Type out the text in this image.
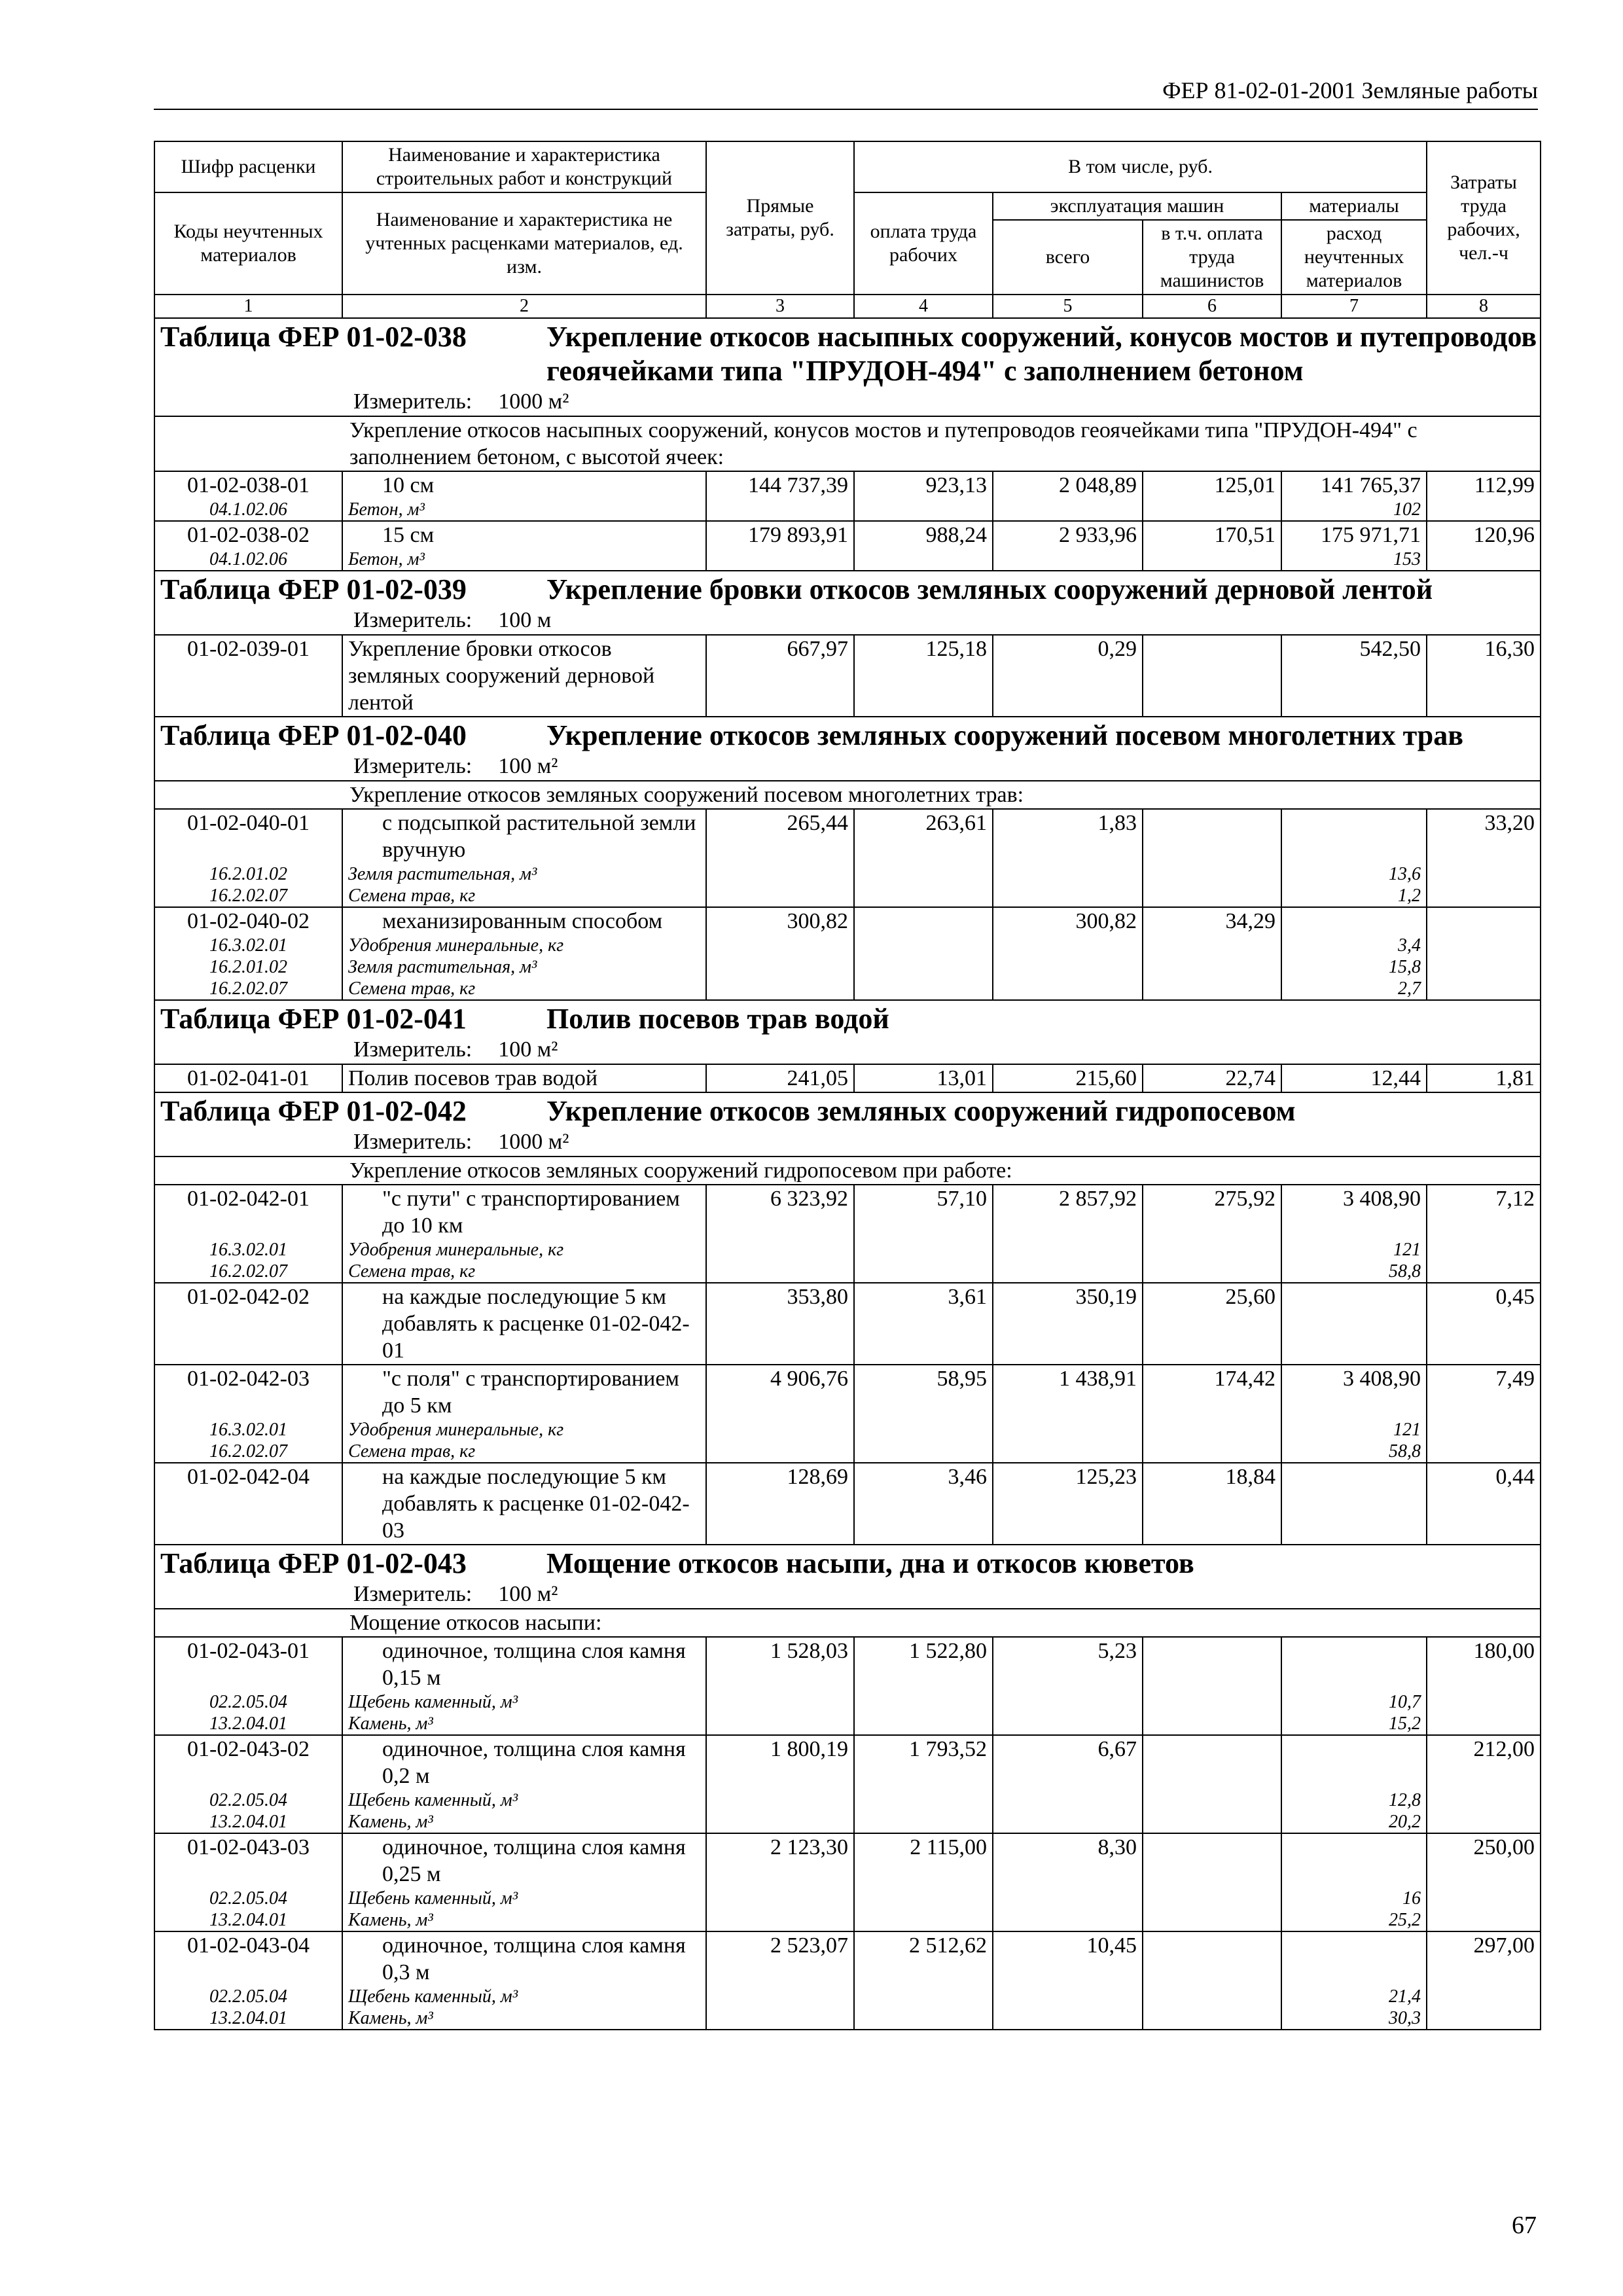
ФЕР 81-02-01-2001 Земляные работы
Шифр расценки	Наименование и характеристика строительных работ и конструкций	Прямые затраты, руб.	В том числе, руб.				Затраты труда рабочих, чел.-ч
Коды неучтенных материалов	Наименование и характеристика не учтенных расценками материалов, ед. изм.		оплата труда рабочих	эксплуатация машин		материалы	
				всего	в т.ч. оплата труда машинистов	расход неучтенных материалов	
1	2	3	4	5	6	7	8

Таблица ФЕР 01-02-038 Укрепление откосов насыпных сооружений, конусов мостов и путепроводов геоячейками типа "ПРУДОН-494" с заполнением бетоном
Измеритель: 1000 м²							

Укрепление откосов насыпных сооружений, конусов мостов и путепроводов геоячейками типа "ПРУДОН-494" с заполнением бетоном, с высотой ячеек:							
01-02-038-01	10 см	144 737,39	923,13	2 048,89	125,01	141 765,37	112,99
04.1.02.06	Бетон, м³					102	
01-02-038-02	15 см	179 893,91	988,24	2 933,96	170,51	175 971,71	120,96
04.1.02.06	Бетон, м³					153	

Таблица ФЕР 01-02-039 Укрепление бровки откосов земляных сооружений дерновой лентой
Измеритель: 100 м							

01-02-039-01	Укрепление бровки откосов земляных сооружений дерновой лентой	667,97	125,18	0,29		542,50	16,30

Таблица ФЕР 01-02-040 Укрепление откосов земляных сооружений посевом многолетних трав
Измеритель: 100 м²							

Укрепление откосов земляных сооружений посевом многолетних трав:							
01-02-040-01	с подсыпкой растительной земли вручную	265,44	263,61	1,83			33,20
16.2.01.02	Земля растительная, м³					13,6	
16.2.02.07	Семена трав, кг					1,2	
01-02-040-02	механизированным способом	300,82		300,82	34,29		
16.3.02.01	Удобрения минеральные, кг					3,4	
16.2.01.02	Земля растительная, м³					15,8	
16.2.02.07	Семена трав, кг					2,7	

Таблица ФЕР 01-02-041 Полив посевов трав водой
Измеритель: 100 м²							

01-02-041-01	Полив посевов трав водой	241,05	13,01	215,60	22,74	12,44	1,81

Таблица ФЕР 01-02-042 Укрепление откосов земляных сооружений гидропосевом
Измеритель: 1000 м²							

Укрепление откосов земляных сооружений гидропосевом при работе:							
01-02-042-01	"с пути" с транспортированием до 10 км	6 323,92	57,10	2 857,92	275,92	3 408,90	7,12
16.3.02.01	Удобрения минеральные, кг					121	
16.2.02.07	Семена трав, кг					58,8	
01-02-042-02	на каждые последующие 5 км добавлять к расценке 01-02-042-01	353,80	3,61	350,19	25,60		0,45
01-02-042-03	"с поля" с транспортированием до 5 км	4 906,76	58,95	1 438,91	174,42	3 408,90	7,49
16.3.02.01	Удобрения минеральные, кг					121	
16.2.02.07	Семена трав, кг					58,8	
01-02-042-04	на каждые последующие 5 км добавлять к расценке 01-02-042-03	128,69	3,46	125,23	18,84		0,44

Таблица ФЕР 01-02-043 Мощение откосов насыпи, дна и откосов кюветов
Измеритель: 100 м²							

Мощение откосов насыпи:							
01-02-043-01	одиночное, толщина слоя камня 0,15 м	1 528,03	1 522,80	5,23			180,00
02.2.05.04	Щебень каменный, м³					10,7	
13.2.04.01	Камень, м³					15,2	
01-02-043-02	одиночное, толщина слоя камня 0,2 м	1 800,19	1 793,52	6,67			212,00
02.2.05.04	Щебень каменный, м³					12,8	
13.2.04.01	Камень, м³					20,2	
01-02-043-03	одиночное, толщина слоя камня 0,25 м	2 123,30	2 115,00	8,30			250,00
02.2.05.04	Щебень каменный, м³					16	
13.2.04.01	Камень, м³					25,2	
01-02-043-04	одиночное, толщина слоя камня 0,3 м	2 523,07	2 512,62	10,45			297,00
02.2.05.04	Щебень каменный, м³					21,4	
13.2.04.01	Камень, м³					30,3	
67
